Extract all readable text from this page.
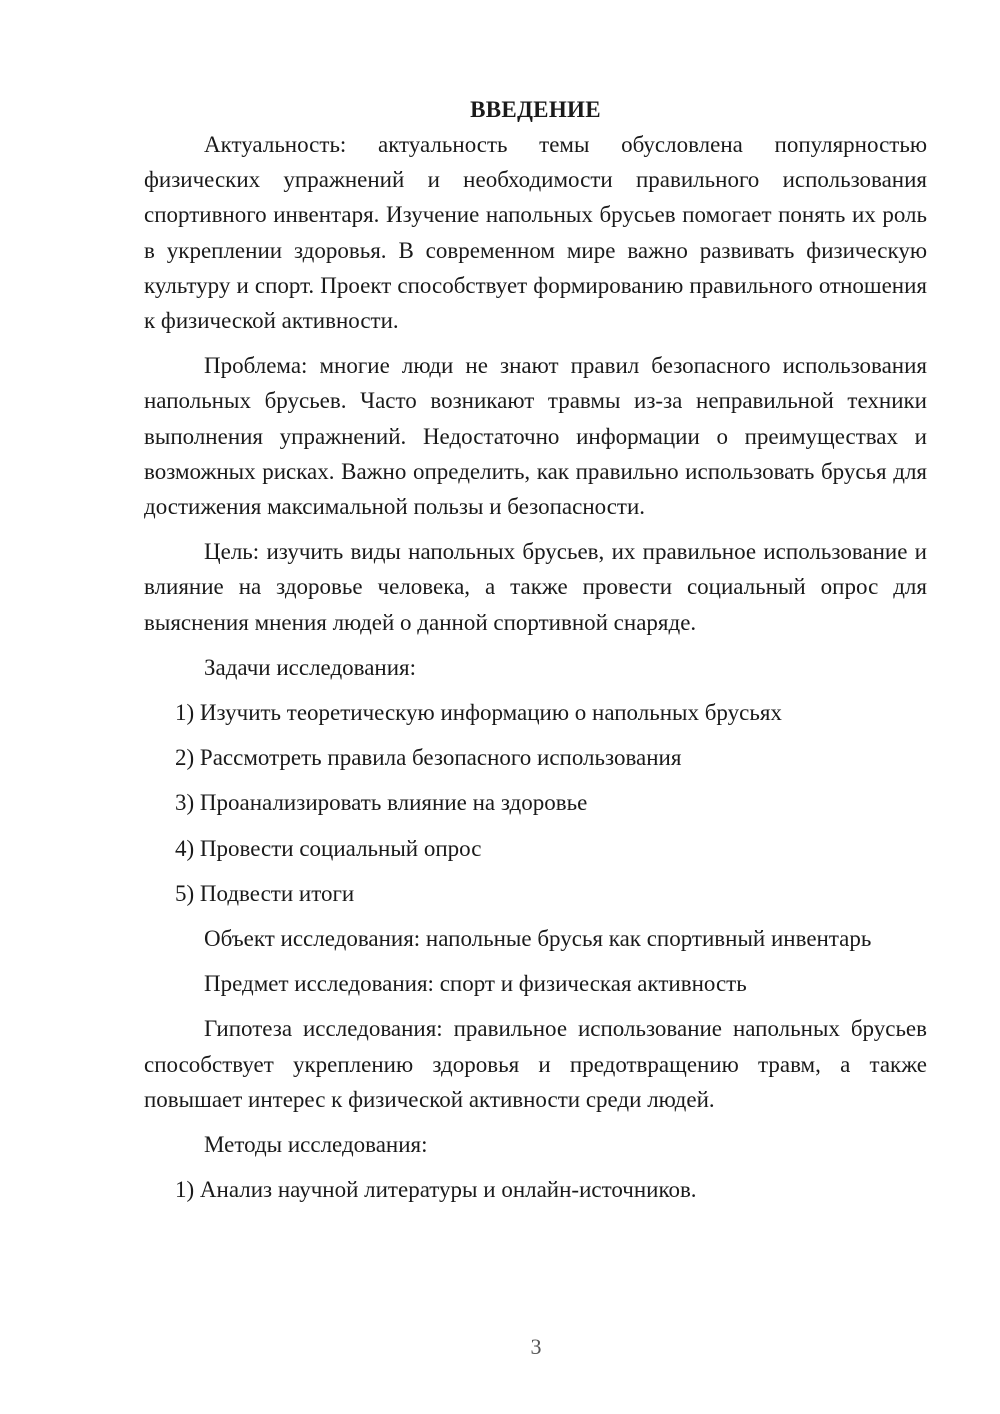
ВВЕДЕНИЕ

Актуальность: актуальность темы обусловлена популярностью физических упражнений и необходимости правильного использования спортивного инвентаря. Изучение напольных брусьев помогает понять их роль в укреплении здоровья. В современном мире важно развивать физическую культуру и спорт. Проект способствует формированию правильного отношения к физической активности.

Проблема: многие люди не знают правил безопасного использования напольных брусьев. Часто возникают травмы из-за неправильной техники выполнения упражнений. Недостаточно информации о преимуществах и возможных рисках. Важно определить, как правильно использовать брусья для достижения максимальной пользы и безопасности.

Цель: изучить виды напольных брусьев, их правильное использование и влияние на здоровье человека, а также провести социальный опрос для выяснения мнения людей о данной спортивной снаряде.

Задачи исследования:

1) Изучить теоретическую информацию о напольных брусьях
2) Рассмотреть правила безопасного использования
3) Проанализировать влияние на здоровье
4) Провести социальный опрос
5) Подвести итоги

Объект исследования: напольные брусья как спортивный инвентарь

Предмет исследования: спорт и физическая активность

Гипотеза исследования: правильное использование напольных брусьев способствует укреплению здоровья и предотвращению травм, а также повышает интерес к физической активности среди людей.

Методы исследования:

1) Анализ научной литературы и онлайн-источников.
3
